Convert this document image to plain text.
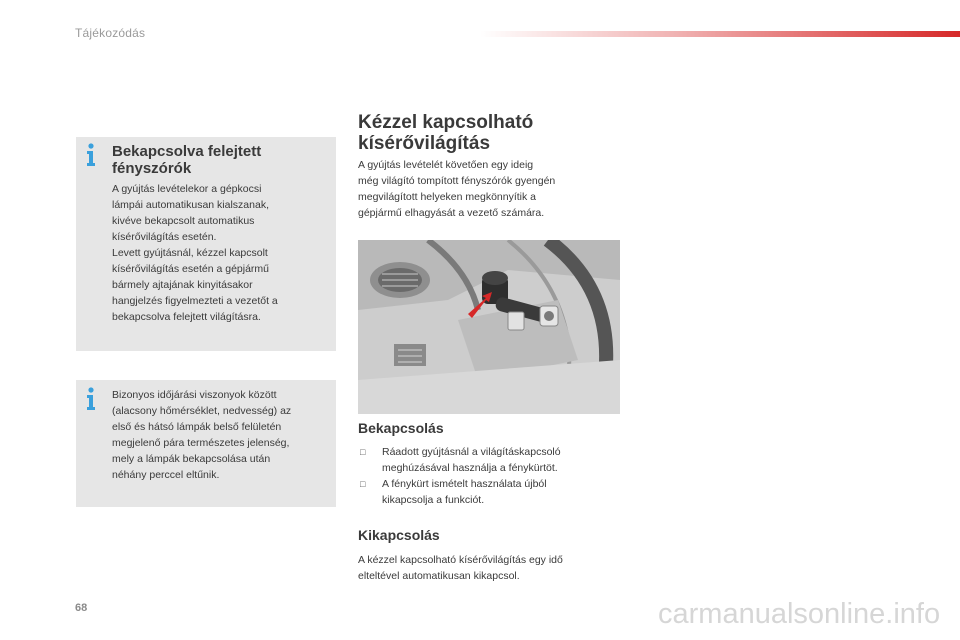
Tájékozódás
Bekapcsolva felejtett
fényszórók

A gyújtás levételekor a gépkocsi

lámpái automatikusan kialszanak,

kivéve bekapcsolt automatikus

kísérővilágítás esetén.

Levett gyújtásnál, kézzel kapcsolt

kísérővilágítás esetén a gépjármű

bármely ajtajának kinyitásakor

hangjelzés figyelmezteti a vezetőt a

bekapcsolva felejtett világításra.

Bizonyos időjárási viszonyok között

(alacsony hőmérséklet, nedvesség) az

első és hátsó lámpák belső felületén

megjelenő pára természetes jelenség,

mely a lámpák bekapcsolása után

néhány perccel eltűnik.

Kézzel kapcsolható
kísérővilágítás
A gyújtás levételét követően egy ideig
még világító tompított fényszórók gyengén
megvilágított helyeken megkönnyítik a
gépjármű elhagyását a vezető számára.
Bekapcsolás
□ Ráadott gyújtásnál a világításkapcsoló
meghúzásával használja a fénykürtöt.
□ A fénykürt ismételt használata újból
kikapcsolja a funkciót.
Kikapcsolás
A kézzel kapcsolható kísérővilágítás egy idő
elteltével automatikusan kikapcsol.
68	carmanualsonline.info
